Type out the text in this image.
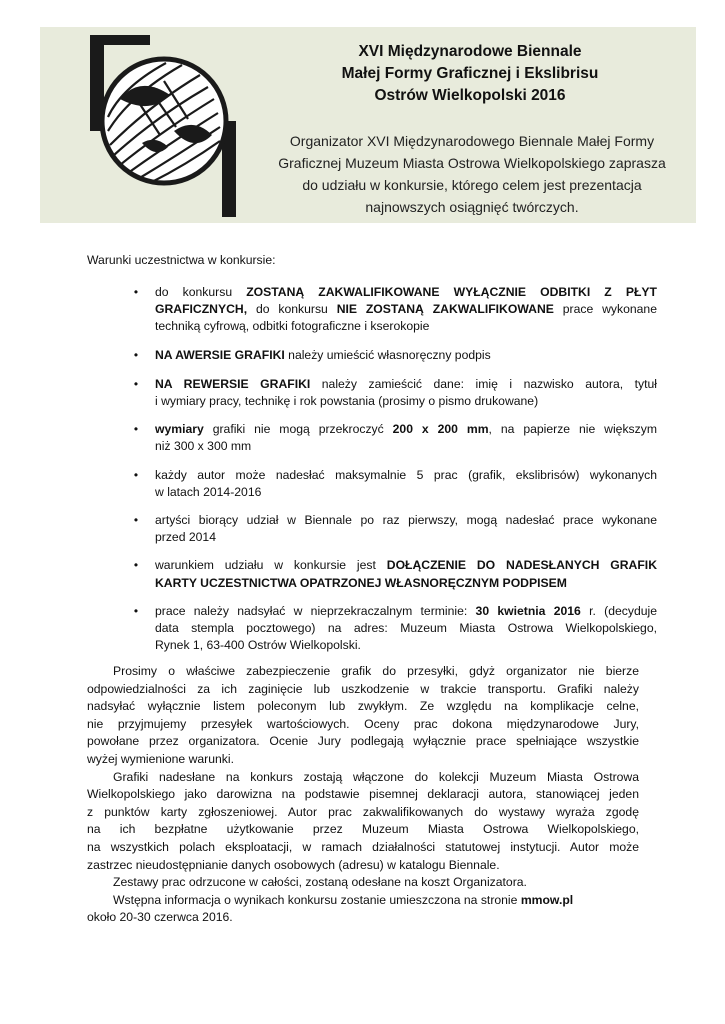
XVI Międzynarodowe Biennale
Małej Formy Graficznej i Ekslibrisu
Ostrów Wielkopolski 2016
Organizator XVI Międzynarodowego Biennale Małej Formy
Graficznej Muzeum Miasta Ostrowa Wielkopolskiego zaprasza
do udziału w konkursie, którego celem jest prezentacja
najnowszych osiągnięć twórczych.
Warunki uczestnictwa w konkursie:
• do konkursu ZOSTANĄ ZAKWALIFIKOWANE WYŁĄCZNIE ODBITKI Z PŁYT
GRAFICZNYCH, do konkursu NIE ZOSTANĄ ZAKWALIFIKOWANE prace wykonane
techniką cyfrową, odbitki fotograficzne i kserokopie
• NA AWERSIE GRAFIKI należy umieścić własnoręczny podpis
• NA REWERSIE GRAFIKI należy zamieścić dane: imię i nazwisko autora, tytuł
i wymiary pracy, technikę i rok powstania (prosimy o pismo drukowane)
• wymiary grafiki nie mogą przekroczyć 200 x 200 mm, na papierze nie większym
niż 300 x 300 mm
• każdy autor może nadesłać maksymalnie 5 prac (grafik, ekslibrisów) wykonanych
w latach 2014-2016
• artyści biorący udział w Biennale po raz pierwszy, mogą nadesłać prace wykonane
przed 2014
• warunkiem udziału w konkursie jest DOŁĄCZENIE DO NADESŁANYCH GRAFIK
KARTY UCZESTNICTWA OPATRZONEJ WŁASNORĘCZNYM PODPISEM
• prace należy nadsyłać w nieprzekraczalnym terminie: 30 kwietnia 2016 r. (decyduje
data stempla pocztowego) na adres: Muzeum Miasta Ostrowa Wielkopolskiego,
Rynek 1, 63-400 Ostrów Wielkopolski.
Prosimy o właściwe zabezpieczenie grafik do przesyłki, gdyż organizator nie bierze
odpowiedzialności za ich zaginięcie lub uszkodzenie w trakcie transportu. Grafiki należy
nadsyłać wyłącznie listem poleconym lub zwykłym. Ze względu na komplikacje celne,
nie przyjmujemy przesyłek wartościowych. Oceny prac dokona międzynarodowe Jury,
powołane przez organizatora. Ocenie Jury podlegają wyłącznie prace spełniające wszystkie
wyżej wymienione warunki.
Grafiki nadesłane na konkurs zostają włączone do kolekcji Muzeum Miasta Ostrowa
Wielkopolskiego jako darowizna na podstawie pisemnej deklaracji autora, stanowiącej jeden
z punktów karty zgłoszeniowej. Autor prac zakwalifikowanych do wystawy wyraża zgodę
na ich bezpłatne użytkowanie przez Muzeum Miasta Ostrowa Wielkopolskiego,
na wszystkich polach eksploatacji, w ramach działalności statutowej instytucji. Autor może
zastrzec nieudostępnianie danych osobowych (adresu) w katalogu Biennale.
Zestawy prac odrzucone w całości, zostaną odesłane na koszt Organizatora.
Wstępna informacja o wynikach konkursu zostanie umieszczona na stronie mmow.pl
około 20-30 czerwca 2016.
